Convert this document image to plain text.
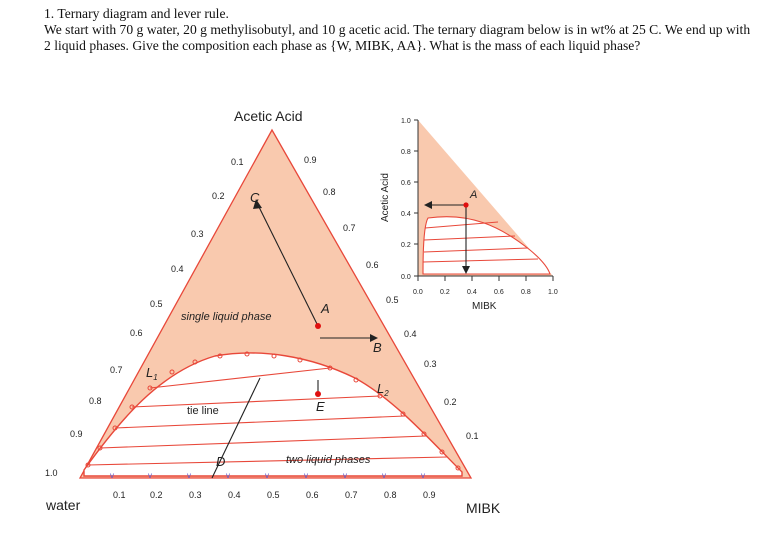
1. Ternary diagram and lever rule.

We start with 70 g water, 20 g methylisobutyl, and 10 g acetic acid. The ternary diagram below is in wt% at 25 C. We end up with 2 liquid phases. Give the composition each phase as {W, MIBK, AA}. What is the mass of each liquid phase?

v	v	v	v	v	v	v	v	v
Acetic Acid
water	MIBK
0.1
0.2
0.3
0.4
0.5
0.6
0.7
0.8
0.9
1.0
0.9
0.8
0.7
0.6
0.5
0.4
0.3
0.2
0.1
0.1	0.2	0.3	0.4	0.5	0.6	0.7	0.8	0.9
single liquid phase
two liquid phases
tie line
A
B
C
D
E
$L_1$
$L_2$
A
1.0
0.8
0.6
0.4
0.2
0.0
0.0 0.2 0.4 0.6 0.8 1.0
MIBK
Acetic Acid
